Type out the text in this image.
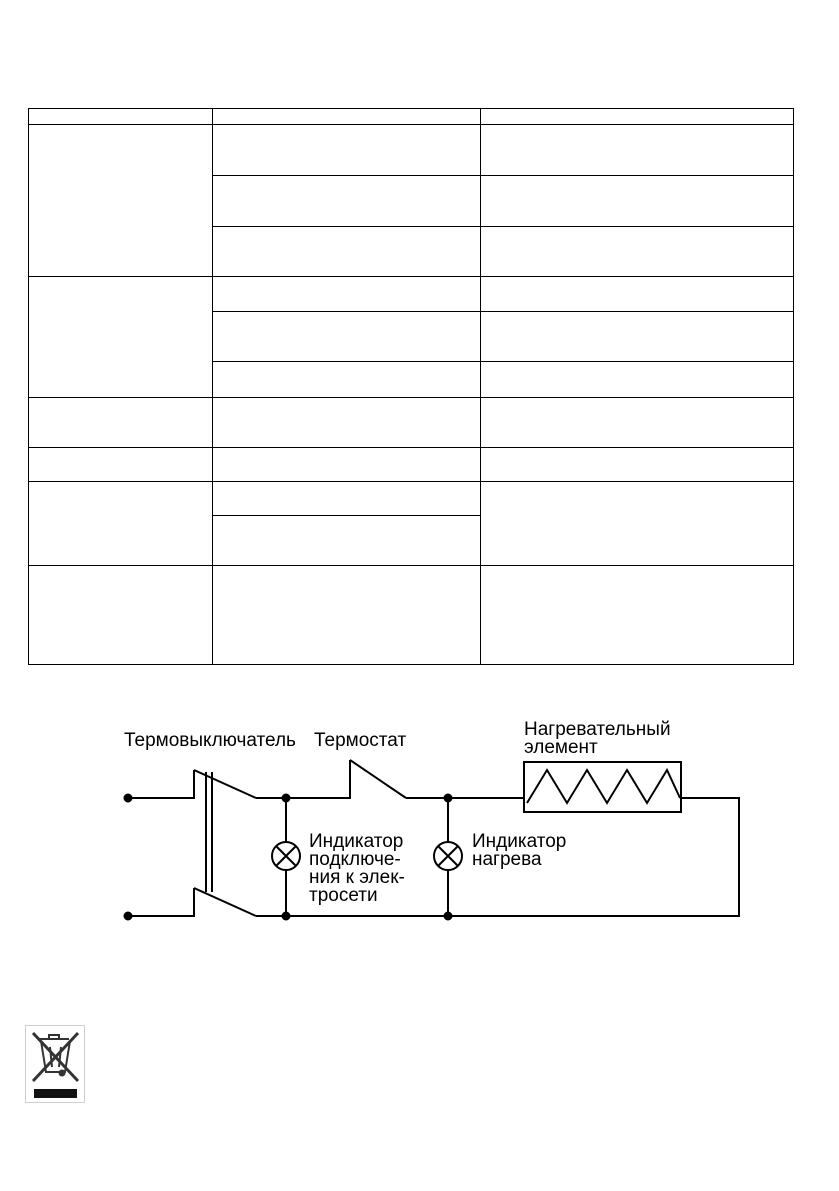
Термовыключатель Термостат
Нагревательный
элемент
Индикатор
подключе-
ния к элек-
тросети
Индикатор
нагрева
